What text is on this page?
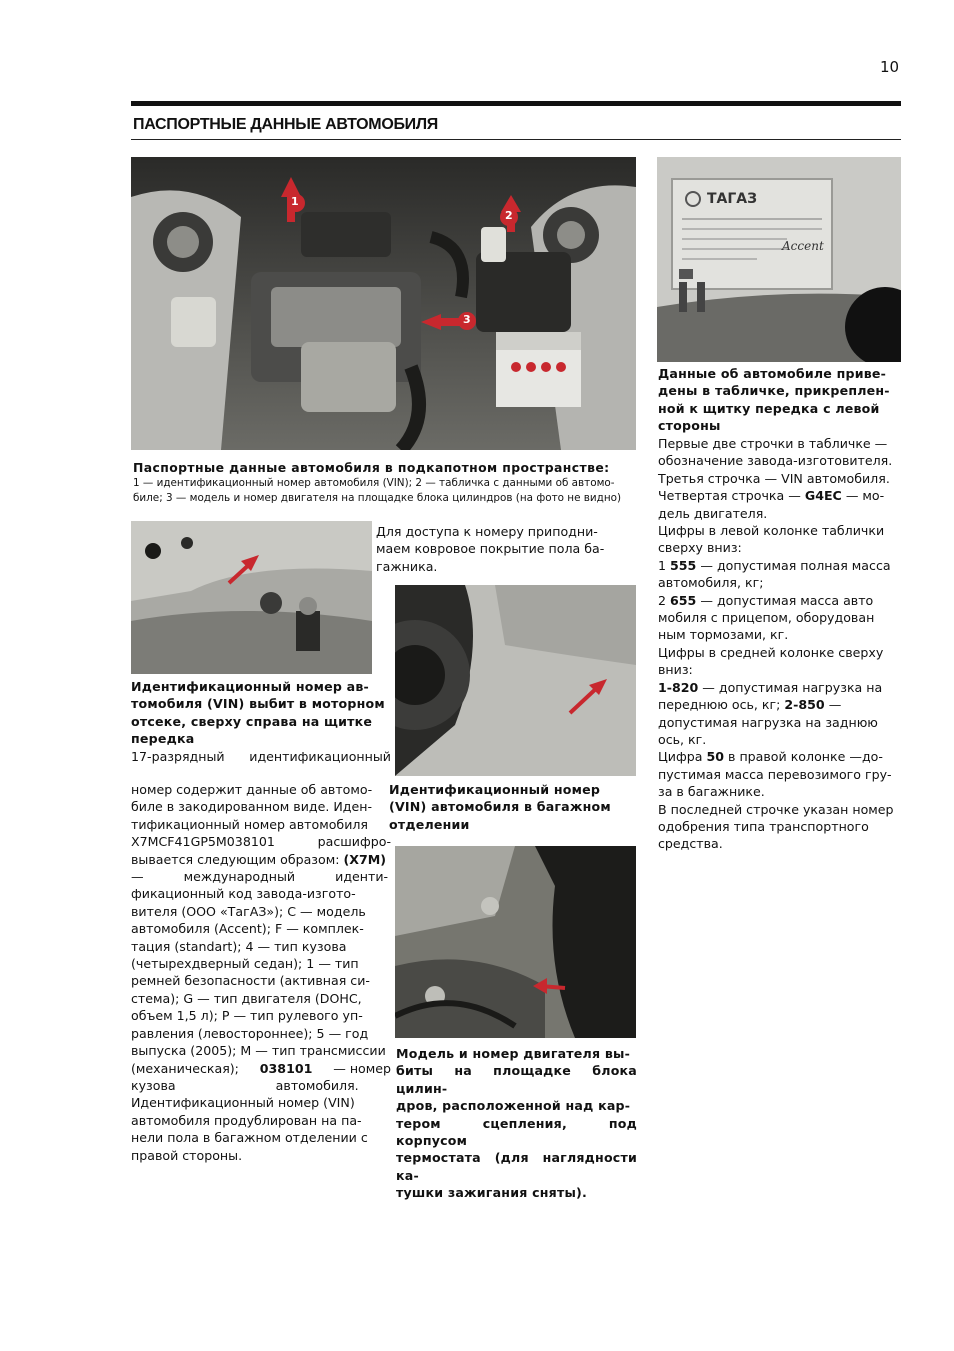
10
ПАСПОРТНЫЕ ДАННЫЕ АВТОМОБИЛЯ
1
2
3
Паспортные данные автомобиля в подкапотном пространстве:
1 — идентификационный номер автомобиля (VIN); 2 — табличка с данными об автомо-
биле; 3 — модель и номер двигателя на площадке блока цилиндров (на фото не видно)
ТАГАЗ
Accent

Данные об автомобиле приве-

дены в табличке, прикреплен-

ной к щитку передка с левой

стороны

Первые две строчки в табличке —

обозначение завода-изготовителя.

Третья строчка — VIN автомобиля.

Четвертая строчка — G4EC — мо-

дель двигателя.

Цифры в левой колонке таблички

сверху вниз:

1 555 — допустимая полная масса

автомобиля, кг;

2 655 — допустимая масса авто

мобиля с прицепом, оборудован

ным тормозами, кг.

Цифры в средней колонке сверху

вниз:

1-820 — допустимая нагрузка на

переднюю ось, кг; 2-850 —

допустимая нагрузка на заднюю

ось, кг.

Цифра 50 в правой колонке —до-

пустимая масса перевозимого гру-

за в багажнике.

В последней строчке указан номер

одобрения типа транспортного

средства.

Идентификационный номер ав-

томобиля (VIN) выбит в моторном

отсеке, сверху справа на щитке

передка

Для доступа к номеру приподни-

маем ковровое покрытие пола ба-

гажника.

17-разрядный идентификационный

номер содержит данные об автомо-

биле в закодированном виде. Иден-

тификационный номер автомобиля

X7MCF41GP5M038101	расшифро-

вывается следующим образом: (X7M)

—          международный          иденти-

фикационный код завода-изгото-

вителя (ООО «ТагАЗ»); С — модель

автомобиля (Accent); F — комплек-

тация (standart); 4 — тип кузова

(четырехдверный седан); 1 — тип

ремней безопасности (активная си-

стема); G — тип двигателя (DOHC,

объем 1,5 л); P — тип рулевого уп-

равления (левостороннее); 5 — год

выпуска (2005); M — тип трансмиссии

(механическая); 038101 — номер

кузова                         автомобиля.

Идентификационный номер (VIN)

автомобиля продублирован на па-

нели пола в багажном отделении с

правой стороны.

Идентификационный номер

(VIN) автомобиля в багажном

отделении

Модель и номер двигателя вы-

биты на площадке блока цилин-

дров, расположенной над кар-

тером сцепления, под корпусом

термостата (для наглядности ка-

тушки зажигания сняты).
